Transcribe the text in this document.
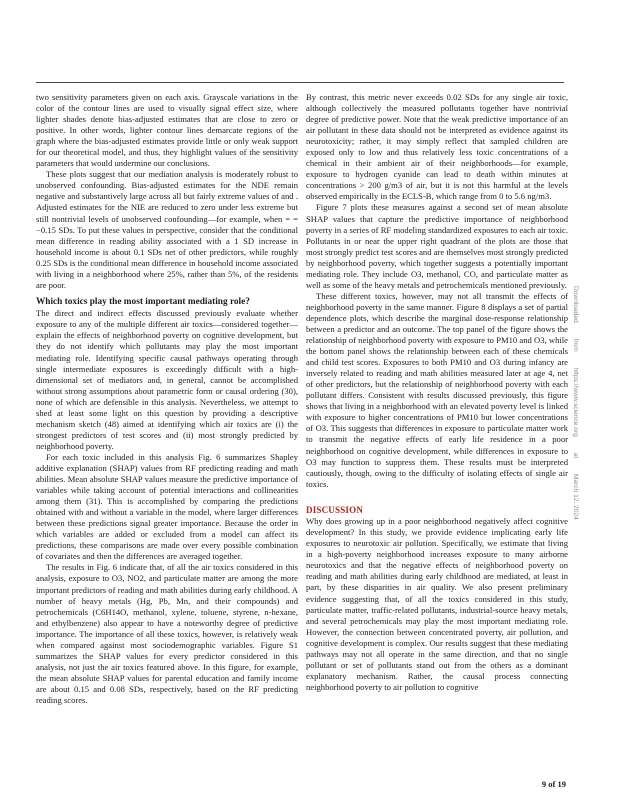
two sensitivity parameters given on each axis. Grayscale variations in the color of the contour lines are used to visually signal effect size, where lighter shades denote bias-adjusted estimates that are close to zero or positive. In other words, lighter contour lines demarcate regions of the graph where the bias-adjusted estimates provide little or only weak support for our theoretical model, and thus, they highlight values of the sensitivity parameters that would undermine our conclusions.

These plots suggest that our mediation analysis is moderately robust to unobserved confounding. Bias-adjusted estimates for the NDE remain negative and substantively large across all but fairly extreme values of and . Adjusted estimates for the NIE are reduced to zero under less extreme but still nontrivial levels of unobserved confounding—for example, when = = −0.15 SDs. To put these values in perspective, consider that the conditional mean difference in reading ability associated with a 1 SD increase in household income is about 0.1 SDs net of other predictors, while roughly 0.25 SDs is the conditional mean difference in household income associated with living in a neighborhood where 25%, rather than 5%, of the residents are poor.

Which toxics play the most important mediating role?

The direct and indirect effects discussed previously evaluate whether exposure to any of the multiple different air toxics—considered together—explain the effects of neighborhood poverty on cognitive development, but they do not identify which pollutants may play the most important mediating role. Identifying specific causal pathways operating through single intermediate exposures is exceedingly difficult with a high-dimensional set of mediators and, in general, cannot be accomplished without strong assumptions about parametric form or causal ordering (30), none of which are defensible in this analysis. Nevertheless, we attempt to shed at least some light on this question by providing a descriptive mechanism sketch (48) aimed at identifying which air toxics are (i) the strongest predictors of test scores and (ii) most strongly predicted by neighborhood poverty.

For each toxic included in this analysis Fig. 6 summarizes Shapley additive explanation (SHAP) values from RF predicting reading and math abilities. Mean absolute SHAP values measure the predictive importance of variables while taking account of potential interactions and collinearities among them (31). This is accomplished by comparing the predictions obtained with and without a variable in the model, where larger differences between these predictions signal greater importance. Because the order in which variables are added or excluded from a model can affect its predictions, these comparisons are made over every possible combination of covariates and then the differences are averaged together.

The results in Fig. 6 indicate that, of all the air toxics considered in this analysis, exposure to O3, NO2, and particulate matter are among the more important predictors of reading and math abilities during early childhood. A number of heavy metals (Hg, Pb, Mn, and their compounds) and petrochemicals (C6H14O, methanol, xylene, toluene, styrene, n-hexane, and ethylbenzene) also appear to have a noteworthy degree of predictive importance. The importance of all these toxics, however, is relatively weak when compared against most sociodemographic variables. Figure S1 summarizes the SHAP values for every predictor considered in this analysis, not just the air toxics featured above. In this figure, for example, the mean absolute SHAP values for parental education and family income are about 0.15 and 0.08 SDs, respectively, based on the RF predicting reading scores.

By contrast, this metric never exceeds 0.02 SDs for any single air toxic, although collectively the measured pollutants together have nontrivial degree of predictive power. Note that the weak predictive importance of an air pollutant in these data should not be interpreted as evidence against its neurotoxicity; rather, it may simply reflect that sampled children are exposed only to low and thus relatively less toxic concentrations of a chemical in their ambient air of their neighborhoods—for example, exposure to hydrogen cyanide can lead to death within minutes at concentrations > 200 g/m3 of air, but it is not this harmful at the levels observed empirically in the ECLS-B, which range from 0 to 5.6 ng/m3.

Figure 7 plots these measures against a second set of mean absolute SHAP values that capture the predictive importance of neighborhood poverty in a series of RF modeling standardized exposures to each air toxic. Pollutants in or near the upper right quadrant of the plots are those that most strongly predict test scores and are themselves most strongly predicted by neighborhood poverty, which together suggests a potentially important mediating role. They include O3, methanol, CO, and particulate matter as well as some of the heavy metals and petrochemicals mentioned previously.

These different toxics, however, may not all transmit the effects of neighborhood poverty in the same manner. Figure 8 displays a set of partial dependence plots, which describe the marginal dose-response relationship between a predictor and an outcome. The top panel of the figure shows the relationship of neighborhood poverty with exposure to PM10 and O3, while the bottom panel shows the relationship between each of these chemicals and child test scores. Exposures to both PM10 and O3 during infancy are inversely related to reading and math abilities measured later at age 4, net of other predictors, but the relationship of neighborhood poverty with each pollutant differs. Consistent with results discussed previously, this figure shows that living in a neighborhood with an elevated poverty level is linked with exposure to higher concentrations of PM10 but lower concentrations of O3. This suggests that differences in exposure to particulate matter work to transmit the negative effects of early life residence in a poor neighborhood on cognitive development, while differences in exposure to O3 may function to suppress them. These results must be interpreted cautiously, though, owing to the difficulty of isolating effects of single air toxics.

DISCUSSION

Why does growing up in a poor neighborhood negatively affect cognitive development? In this study, we provide evidence implicating early life exposures to neurotoxic air pollution. Specifically, we estimate that living in a high-poverty neighborhood increases exposure to many airborne neurotoxics and that the negative effects of neighborhood poverty on reading and math abilities during early childhood are mediated, at least in part, by these disparities in air quality. We also present preliminary evidence suggesting that, of all the toxics considered in this study, particulate matter, traffic-related pollutants, industrial-source heavy metals, and several petrochemicals may play the most important mediating role. However, the connection between concentrated poverty, air pollution, and cognitive development is complex. Our results suggest that these mediating pathways may not all operate in the same direction, and that no single pollutant or set of pollutants stand out from the others as a dominant explanatory mechanism. Rather, the causal process connecting neighborhood poverty to air pollution to cognitive

Downloaded from https://www.science.org at March 12, 2024
9 of 19
